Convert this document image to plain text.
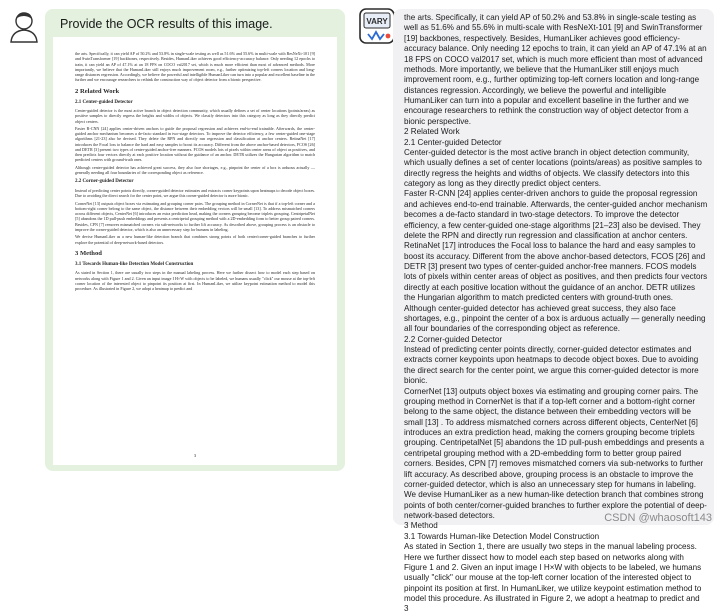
Provide the OCR results of this image.

the arts. Specifically, it can yield AP of 50.2% and 53.8% in single-scale testing as well as 51.6% and 55.6% in multi-scale with ResNeXt-101 [9] and SwinTransformer [19] backbones, respectively. Besides, HumanLiker achieves good efficiency-accuracy balance. Only needing 12 epochs to train, it can yield an AP of 47.1% at an 18 FPS on COCO val2017 set, which is much more efficient than most of advanced methods. More importantly, we believe that the HumanLiker still enjoys much improvement room, e.g., further optimizing top-left corners location and long-range distances regression. Accordingly, we believe the powerful and intelligible HumanLiker can turn into a popular and excellent baseline in the further and we encourage researchers to rethink the construction way of object detector from a bionic perspective.

2 Related Work
2.1 Center-guided Detector

Center-guided detector is the most active branch in object detection community, which usually defines a set of center locations (points/areas) as positive samples to directly regress the heights and widths of objects. We classify detectors into this category as long as they directly predict object centers.

Faster R-CNN [24] applies center-driven anchors to guide the proposal regression and achieves end-to-end trainable. Afterwards, the center-guided anchor mechanism becomes a de-facto standard in two-stage detectors. To improve the detector efficiency, a few center-guided one-stage algorithms [21-23] also be devised. They delete the RPN and directly run regression and classification at anchor centers. RetinaNet [17] introduces the Focal loss to balance the hard and easy samples to boost its accuracy. Different from the above anchor-based detectors, FCOS [26] and DETR [3] present two types of center-guided anchor-free manners. FCOS models lots of pixels within center areas of object as positives, and then predicts four vectors directly at each positive location without the guidance of an anchor. DETR utilizes the Hungarian algorithm to match predicted centers with ground-truth ones.

Although center-guided detector has achieved great success, they also face shortages, e.g., pinpoint the center of a box is arduous actually — generally needing all four boundaries of the corresponding object as reference.

2.2 Corner-guided Detector

Instead of predicting center points directly, corner-guided detector estimates and extracts corner keypoints upon heatmaps to decode object boxes. Due to avoiding the direct search for the center point, we argue this corner-guided detector is more bionic.

CornerNet [13] outputs object boxes via estimating and grouping corner pairs. The grouping method in CornerNet is that if a top-left corner and a bottom-right corner belong to the same object, the distance between their embedding vectors will be small [13]. To address mismatched corners across different objects, CenterNet [6] introduces an extra prediction head, making the corners grouping become triplets grouping. CentripetalNet [5] abandons the 1D pull-push embeddings and presents a centripetal grouping method with a 2D-embedding form to better group paired corners. Besides, CPN [7] removes mismatched corners via sub-networks to further lift accuracy. As described above, grouping process is an obstacle to improve the corner-guided detector, which is also an unnecessary step for humans in labeling.

We devise HumanLiker as a new human-like detection branch that combines strong points of both center/corner-guided branches to further explore the potential of deep-network-based detectors.

3 Method
3.1 Towards Human-like Detection Model Construction

As stated in Section 1, there are usually two steps in the manual labeling process. Here we further dissect how to model each step based on networks along with Figure 1 and 2. Given an input image I H×W with objects to be labeled, we humans usually "click" our mouse at the top-left corner location of the interested object to pinpoint its position at first. In HumanLiker, we utilize keypoint estimation method to model this procedure. As illustrated in Figure 2, we adopt a heatmap to predict and

3
VARY the arts. Specifically, it can yield AP of 50.2% and 53.8% in single-scale testing as well as 51.6% and 55.6% in multi-scale with ResNeXt-101 [9] and SwinTransformer [19] backbones, respectively. Besides, HumanLiker achieves good efficiency-accuracy balance. Only needing 12 epochs to train, it can yield an AP of 47.1% at an 18 FPS on COCO val2017 set, which is much more efficient than most of advanced methods. More importantly, we believe that the HumanLiker still enjoys much improvement room, e.g., further optimizing top-left corners location and long-range distances regression. Accordingly, we believe the powerful and intelligible HumanLiker can turn into a popular and excellent baseline in the further and we encourage researchers to rethink the construction way of object detector from a bionic perspective.
2 Related Work
2.1 Center-guided Detector
Center-guided detector is the most active branch in object detection community, which usually defines a set of center locations (points/areas) as positive samples to directly regress the heights and widths of objects. We classify detectors into this category as long as they directly predict object centers.
Faster R-CNN [24] applies center-driven anchors to guide the proposal regression and achieves end-to-end trainable. Afterwards, the center-guided anchor mechanism becomes a de-facto standard in two-stage detectors. To improve the detector efficiency, a few center-guided one-stage algorithms [21–23] also be devised. They delete the RPN and directly run regression and classification at anchor centers. RetinaNet [17] introduces the Focal loss to balance the hard and easy samples to boost its accuracy. Different from the above anchor-based detectors, FCOS [26] and DETR [3] present two types of center-guided anchor-free manners. FCOS models lots of pixels within center areas of object as positives, and then predicts four vectors directly at each positive location without the guidance of an anchor. DETR utilizes the Hungarian algorithm to match predicted centers with ground-truth ones.
Although center-guided detector has achieved great success, they also face shortages, e.g., pinpoint the center of a box is arduous actually — generally needing all four boundaries of the corresponding object as reference.
2.2 Corner-guided Detector
Instead of predicting center points directly, corner-guided detector estimates and extracts corner keypoints upon heatmaps to decode object boxes. Due to avoiding the direct search for the center point, we argue this corner-guided detector is more bionic.
CornerNet [13] outputs object boxes via estimating and grouping corner pairs. The grouping method in CornerNet is that if a top-left corner and a bottom-right corner belong to the same object, the distance between their embedding vectors will be small [13] . To address mismatched corners across different objects, CenterNet [6] introduces an extra prediction head, making the corners grouping become triplets grouping. CentripetalNet [5] abandons the 1D pull-push embeddings and presents a centripetal grouping method with a 2D-embedding form to better group paired corners. Besides, CPN [7] removes mismatched corners via sub-networks to further lift accuracy. As described above, grouping process is an obstacle to improve the corner-guided detector, which is also an unnecessary step for humans in labeling.
We devise HumanLiker as a new human-like detection branch that combines strong points of both center/corner-guided branches to further explore the potential of deep-network-based detectors.
3 Method
3.1 Towards Human-like Detection Model Construction
As stated in Section 1, there are usually two steps in the manual labeling process. Here we further dissect how to model each step based on networks along with Figure 1 and 2. Given an input image I H×W with objects to be labeled, we humans usually "click" our mouse at the top-left corner location of the interested object to pinpoint its position at first. In HumanLiker, we utilize keypoint estimation method to model this procedure. As illustrated in Figure 2, we adopt a heatmap to predict and
3
CSDN @whaosoft143
